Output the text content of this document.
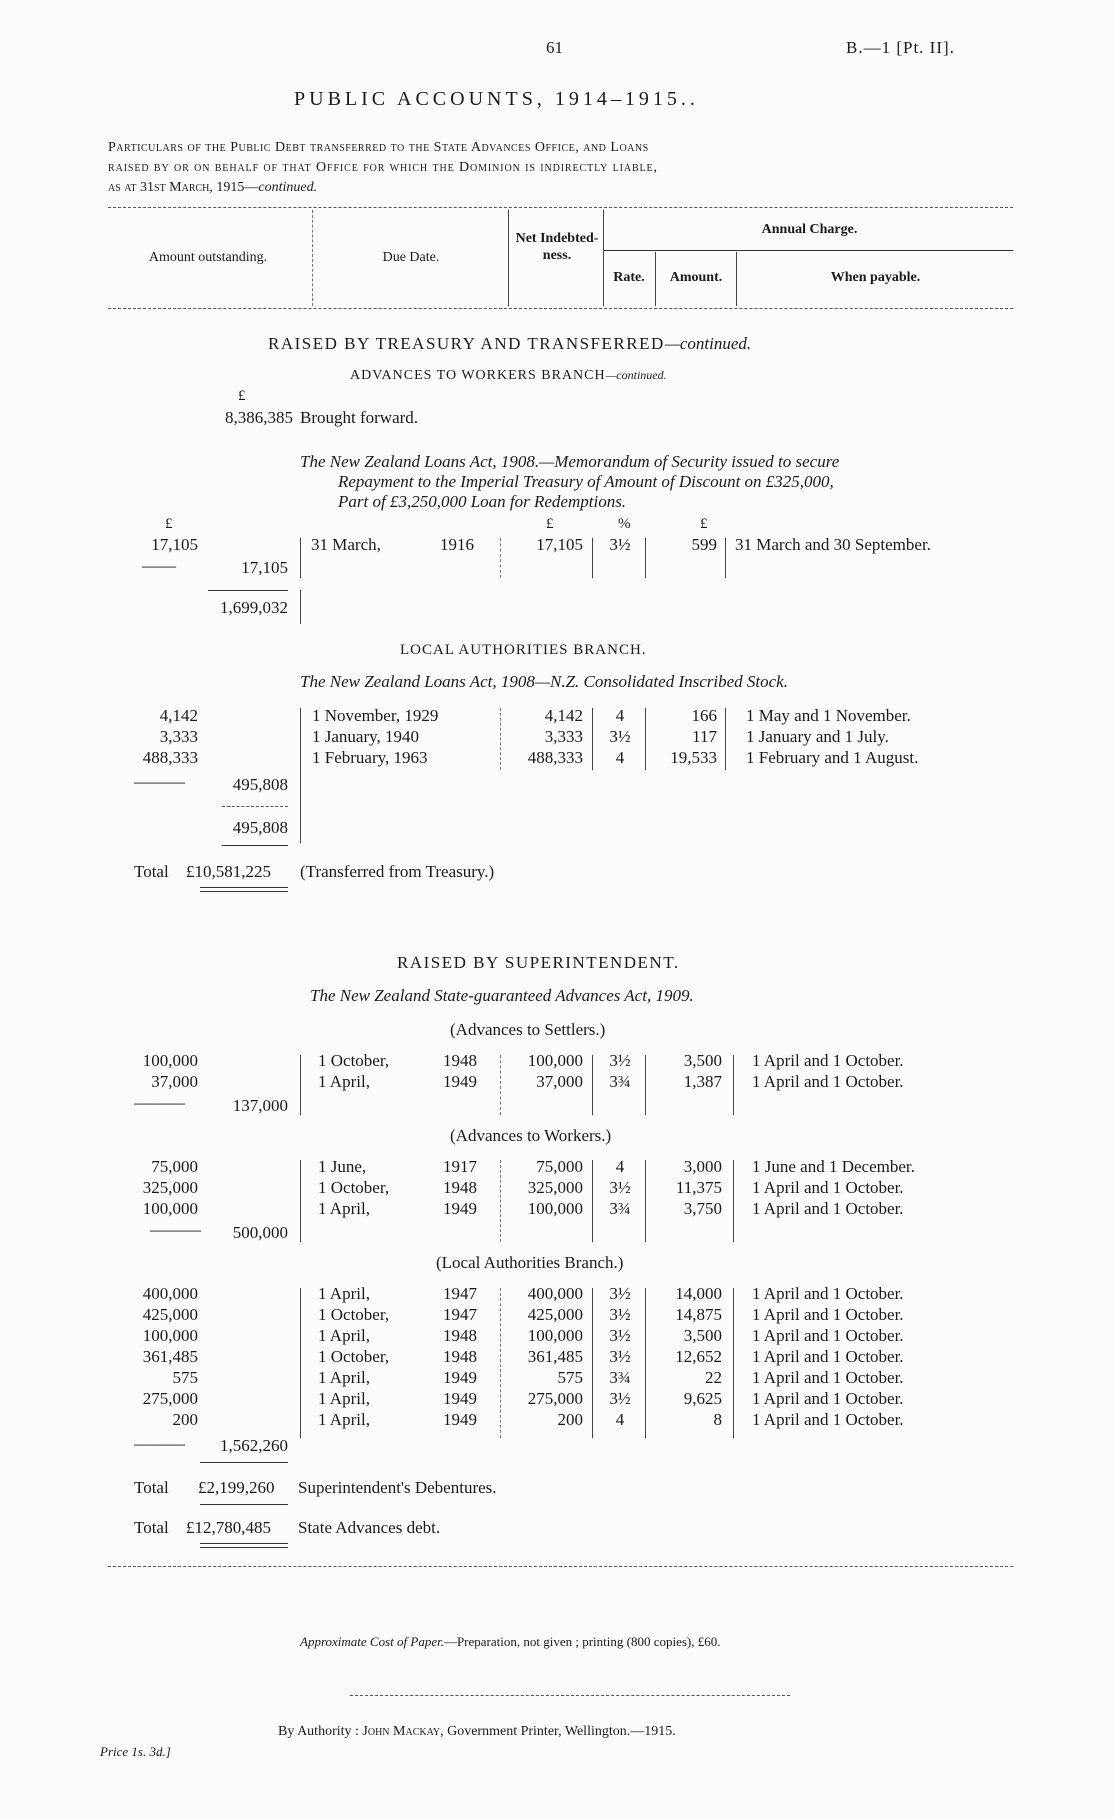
61	B.—1 [Pt. II].
PUBLIC ACCOUNTS, 1914–1915..
Particulars of the Public Debt transferred to the State Advances Office, and Loans
raised by or on behalf of that Office for which the Dominion is indirectly liable,
as at 31st March, 1915—continued.
Amount outstanding.	Due Date.
Net Indebted- ness.
Annual Charge.
Rate.	Amount.	When payable.
RAISED BY TREASURY AND TRANSFERRED—continued.
ADVANCES TO WORKERS BRANCH—continued.
£
8,386,385 Brought forward.
The New Zealand Loans Act, 1908.—Memorandum of Security issued to secure
Repayment to the Imperial Treasury of Amount of Discount on £325,000,
Part of £3,250,000 Loan for Redemptions.
£	£	%	£
17,105	31 March,	1916	17,105	3½	599 31 March and 30 September.
——	17,105
1,699,032
LOCAL AUTHORITIES BRANCH.
The New Zealand Loans Act, 1908—N.Z. Consolidated Inscribed Stock.
4,142	1 November, 1929	4,142	4	166 1 May and 1 November.
3,333	1 January, 1940	3,333	3½	117 1 January and 1 July.
488,333	1 February, 1963	488,333	4	19,533 1 February and 1 August.
———	495,808
495,808
Total £10,581,225 (Transferred from Treasury.)
RAISED BY SUPERINTENDENT.
The New Zealand State-guaranteed Advances Act, 1909.
(Advances to Settlers.)
100,000	1 October,	1948	100,000	3½	3,500 1 April and 1 October.
37,000	1 April,	1949	37,000	3¾	1,387 1 April and 1 October.
———	137,000
(Advances to Workers.)
75,000	1 June,	1917	75,000	4	3,000 1 June and 1 December.
325,000	1 October,	1948	325,000	3½	11,375 1 April and 1 October.
100,000	1 April,	1949	100,000	3¾	3,750 1 April and 1 October.
———	500,000
(Local Authorities Branch.)
400,000	1 April,	1947	400,000	3½	14,000 1 April and 1 October.
425,000	1 October,	1947	425,000	3½	14,875 1 April and 1 October.
100,000	1 April,	1948	100,000	3½	3,500 1 April and 1 October.
361,485	1 October,	1948	361,485	3½	12,652 1 April and 1 October.
575	1 April,	1949	575	3¾	22 1 April and 1 October.
275,000	1 April,	1949	275,000	3½	9,625 1 April and 1 October.
200	1 April,	1949	200	4	8 1 April and 1 October.
———	1,562,260
Total £2,199,260 Superintendent's Debentures.
Total £12,780,485 State Advances debt.
Approximate Cost of Paper.—Preparation, not given ; printing (800 copies), £60.
By Authority : John Mackay, Government Printer, Wellington.—1915.
Price 1s. 3d.]
